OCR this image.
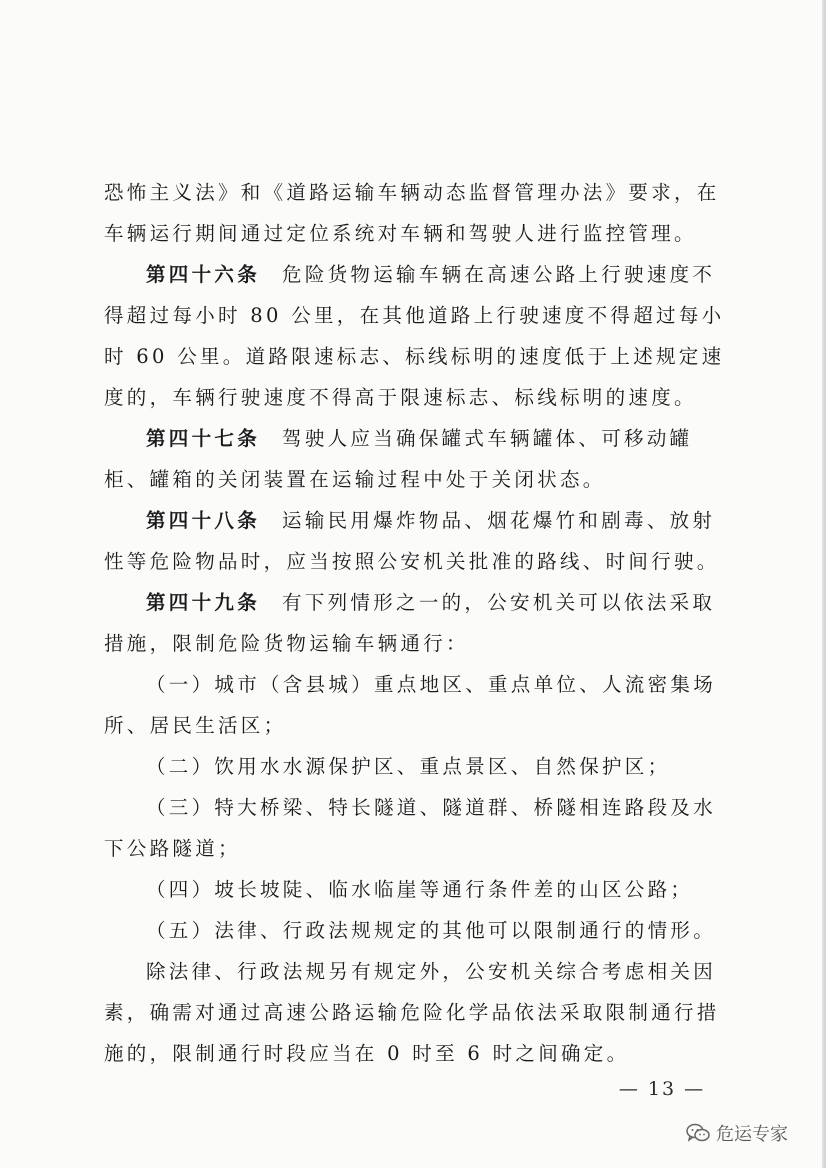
恐怖主义法》和《道路运输车辆动态监督管理办法》要求，在车辆运行期间通过定位系统对车辆和驾驶人进行监控管理。

第四十六条 危险货物运输车辆在高速公路上行驶速度不得超过每小时 80 公里，在其他道路上行驶速度不得超过每小时 60 公里。道路限速标志、标线标明的速度低于上述规定速度的，车辆行驶速度不得高于限速标志、标线标明的速度。

第四十七条 驾驶人应当确保罐式车辆罐体、可移动罐柜、罐箱的关闭装置在运输过程中处于关闭状态。

第四十八条 运输民用爆炸物品、烟花爆竹和剧毒、放射性等危险物品时，应当按照公安机关批准的路线、时间行驶。

第四十九条 有下列情形之一的，公安机关可以依法采取措施，限制危险货物运输车辆通行：

（一）城市（含县城）重点地区、重点单位、人流密集场所、居民生活区；

（二）饮用水水源保护区、重点景区、自然保护区；

（三）特大桥梁、特长隧道、隧道群、桥隧相连路段及水下公路隧道；

（四）坡长坡陡、临水临崖等通行条件差的山区公路；

（五）法律、行政法规规定的其他可以限制通行的情形。

除法律、行政法规另有规定外，公安机关综合考虑相关因素，确需对通过高速公路运输危险化学品依法采取限制通行措施的，限制通行时段应当在 0 时至 6 时之间确定。

— 13 —
危运专家
